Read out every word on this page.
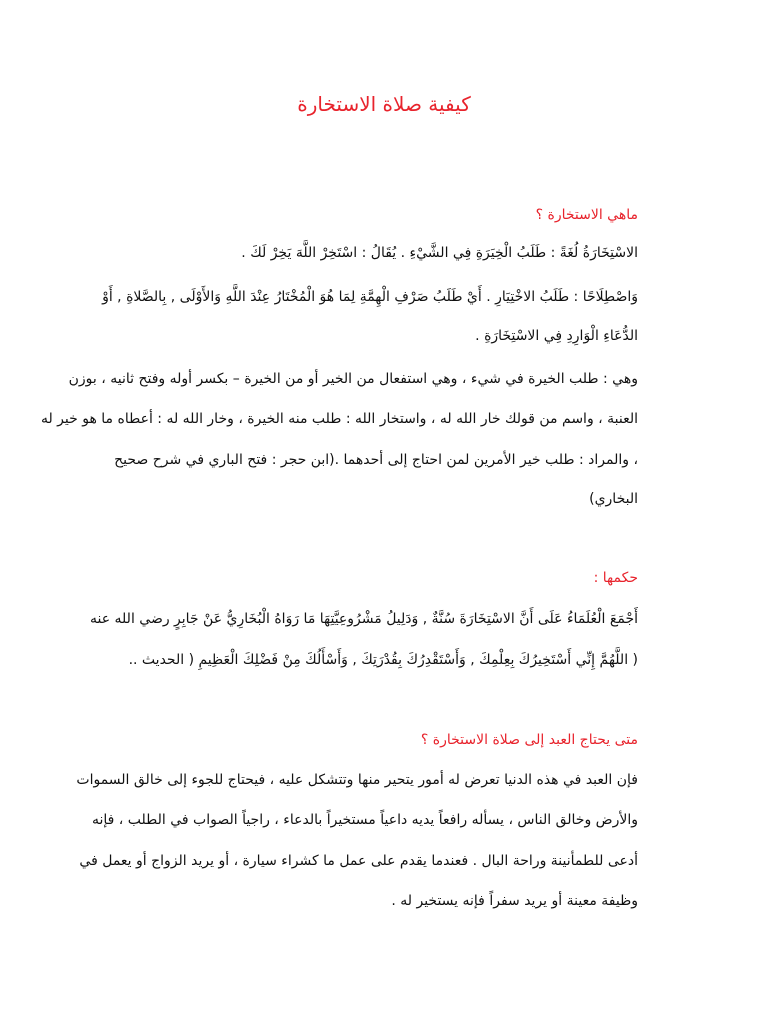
كيفية صلاة الاستخارة
ماهي الاستخارة ؟
الاسْتِخَارَةُ لُغَةً : طَلَبُ الْخِيَرَةِ فِي الشَّيْءِ . يُقَالُ : اسْتَخِرْ اللَّهَ يَخِرْ لَكَ .
وَاصْطِلَاحًا : طَلَبُ الاخْتِيَارِ . أَيْ طَلَبُ صَرْفِ الْهِمَّةِ لِمَا هُوَ الْمُخْتَارُ عِنْدَ اللَّهِ وَالأَوْلَى , بِالصَّلاةِ , أَوْ
الدُّعَاءِ الْوَارِدِ فِي الاسْتِخَارَةِ .
وهي : طلب الخيرة في شيء ، وهي استفعال من الخير أو من الخيرة – بكسر أوله وفتح ثانيه ، بوزن
العنبة ، واسم من قولك خار الله له ، واستخار الله : طلب منه الخيرة ، وخار الله له : أعطاه ما هو خير له
، والمراد : طلب خير الأمرين لمن احتاج إلى أحدهما .(ابن حجر : فتح الباري في شرح صحيح
البخاري)
حكمها :
أَجْمَعَ الْعُلَمَاءُ عَلَى أَنَّ الاسْتِخَارَةَ سُنَّةٌ , وَدَلِيلُ مَشْرُوعِيَّتِهَا مَا رَوَاهُ الْبُخَارِيُّ عَنْ جَابِرٍ رضي الله عنه
( اللَّهُمَّ إِنِّي أَسْتَخِيرُكَ بِعِلْمِكَ , وَأَسْتَقْدِرُكَ بِقُدْرَتِكَ , وَأَسْأَلُكَ مِنْ فَضْلِكَ الْعَظِيمِ ( الحديث ..
متى يحتاج العبد إلى صلاة الاستخارة ؟
فإن العبد في هذه الدنيا تعرض له أمور يتحير منها وتتشكل عليه ، فيحتاج للجوء إلى خالق السموات
والأرض وخالق الناس ، يسأله رافعاً يديه داعياً مستخيراً بالدعاء ، راجياً الصواب في الطلب ، فإنه
أدعى للطمأنينة وراحة البال . فعندما يقدم على عمل ما كشراء سيارة ، أو يريد الزواج أو يعمل في
وظيفة معينة أو يريد سفراً فإنه يستخير له .
